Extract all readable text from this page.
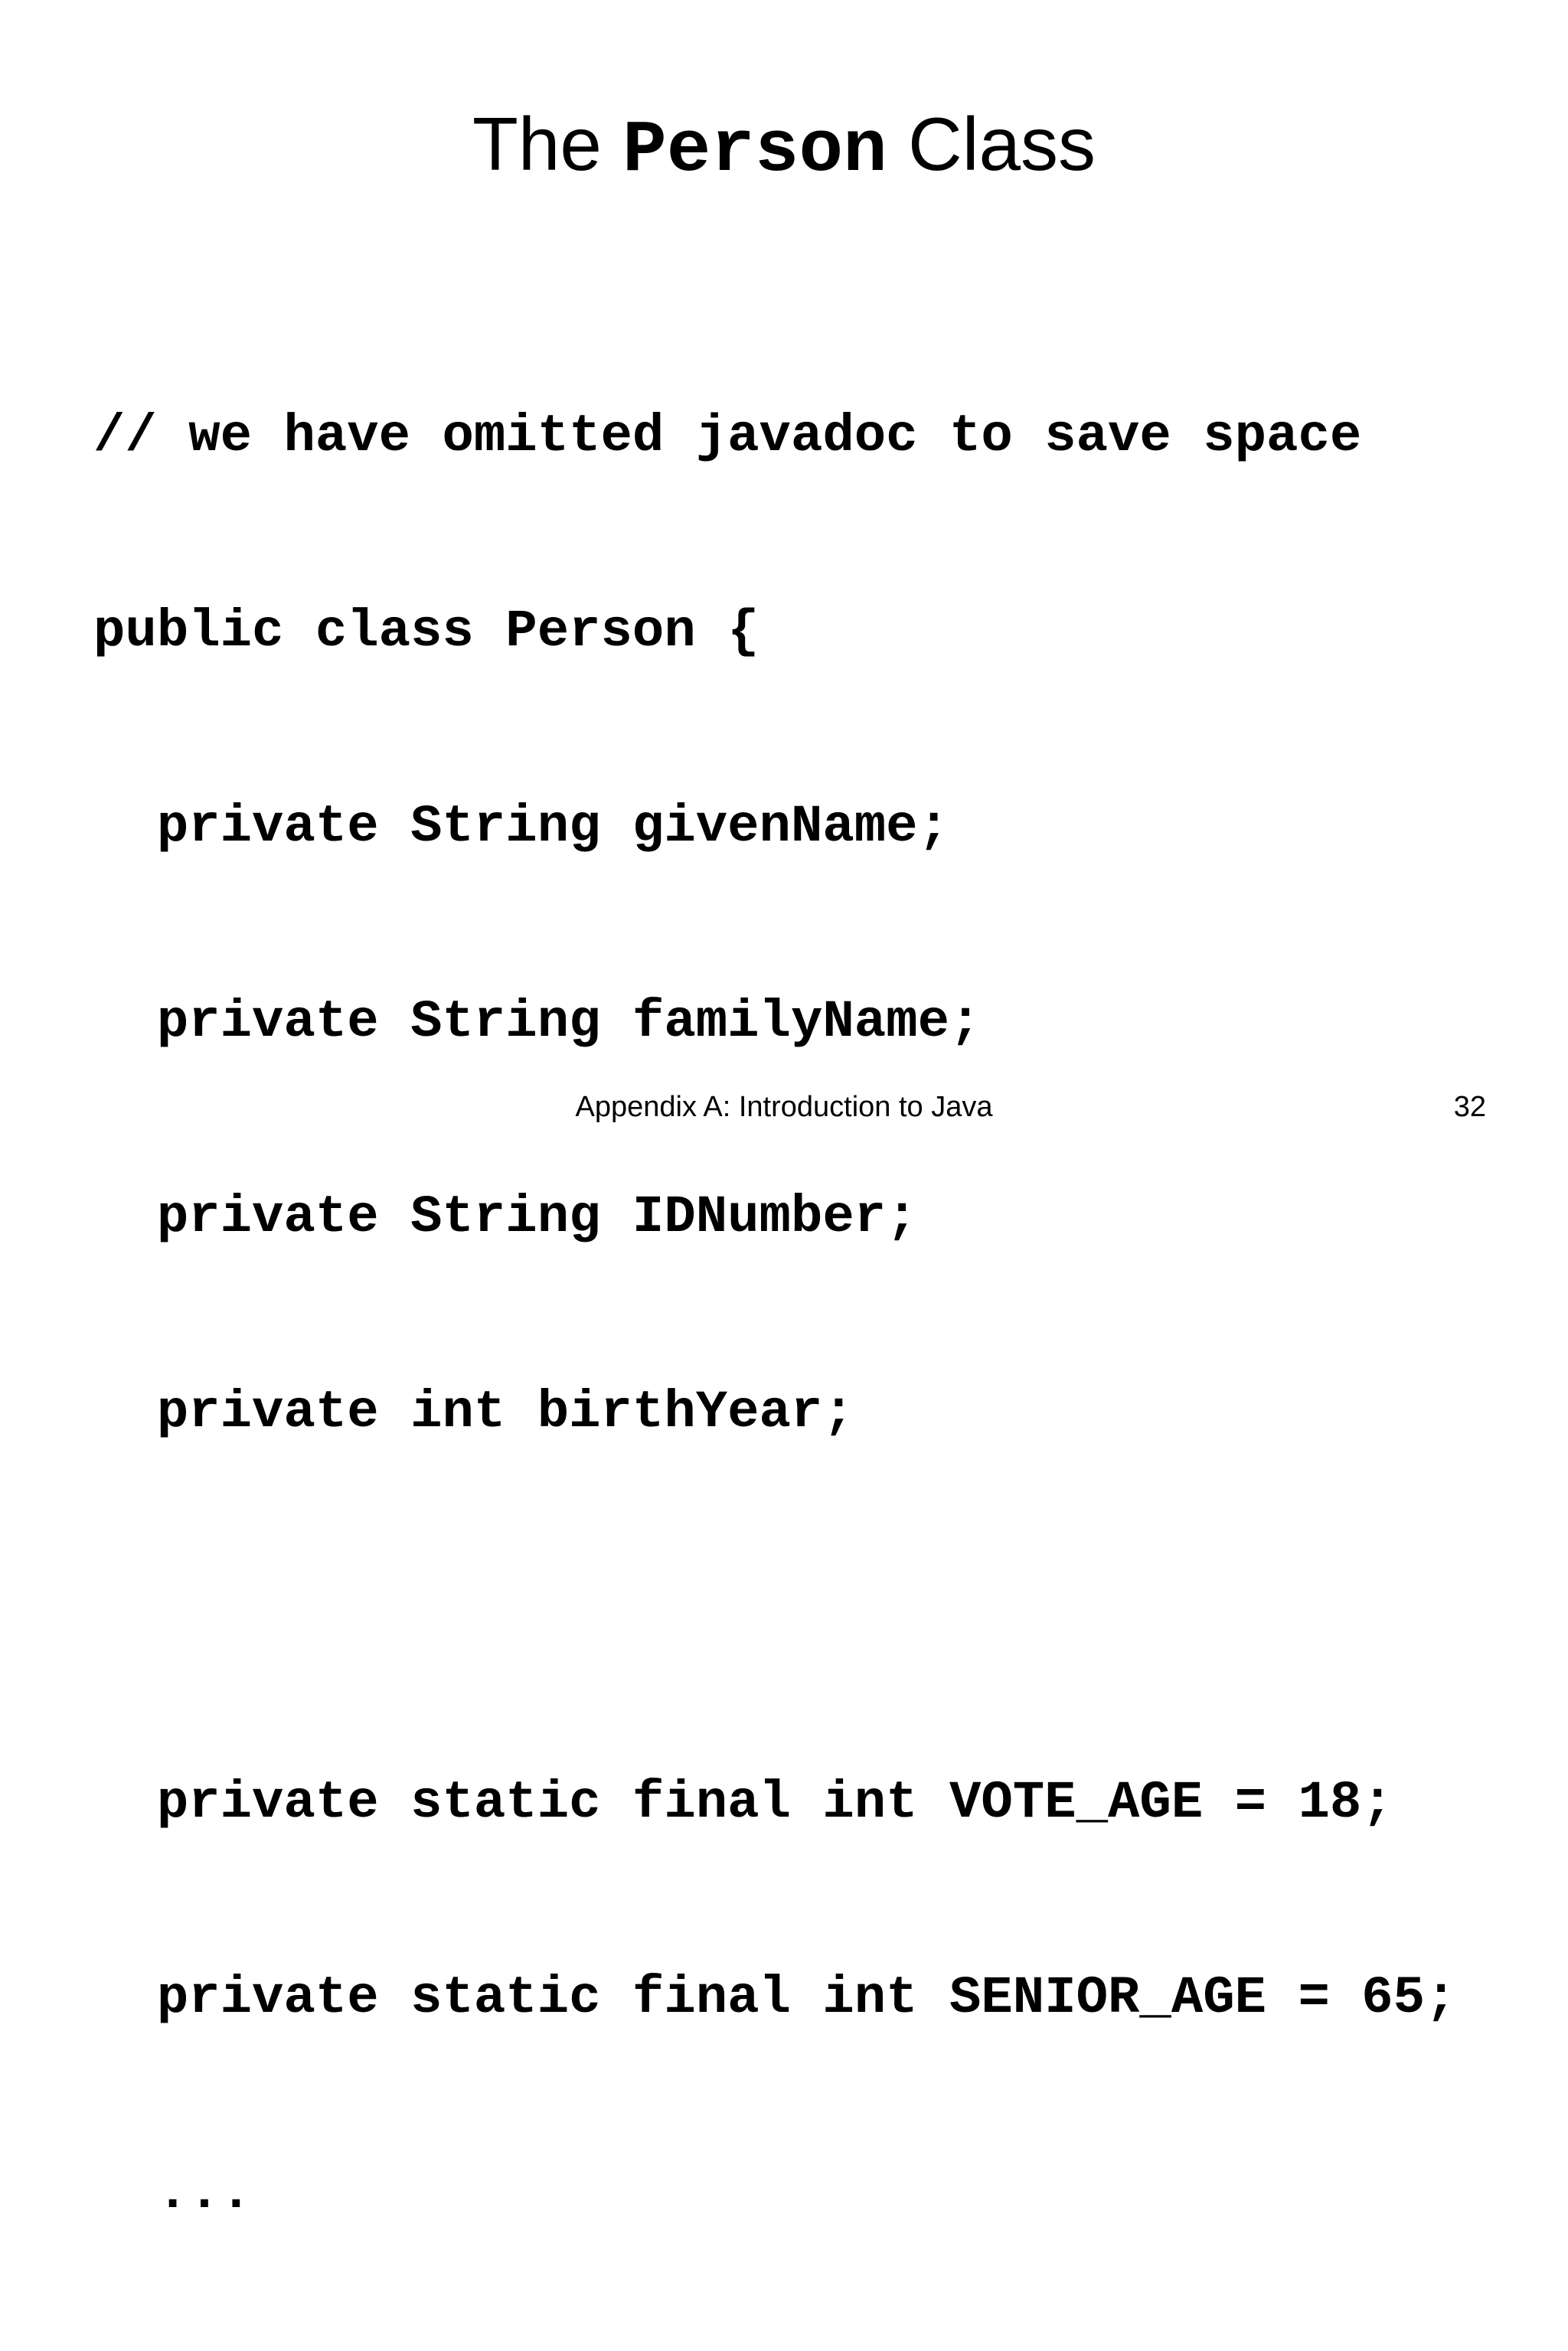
The Person Class

// we have omitted javadoc to save space

public class Person {

private String givenName;

private String familyName;

private String IDNumber;

private int birthYear;

private static final int VOTE_AGE = 18;

private static final int SENIOR_AGE = 65;

...

Appendix A: Introduction to Java	32
